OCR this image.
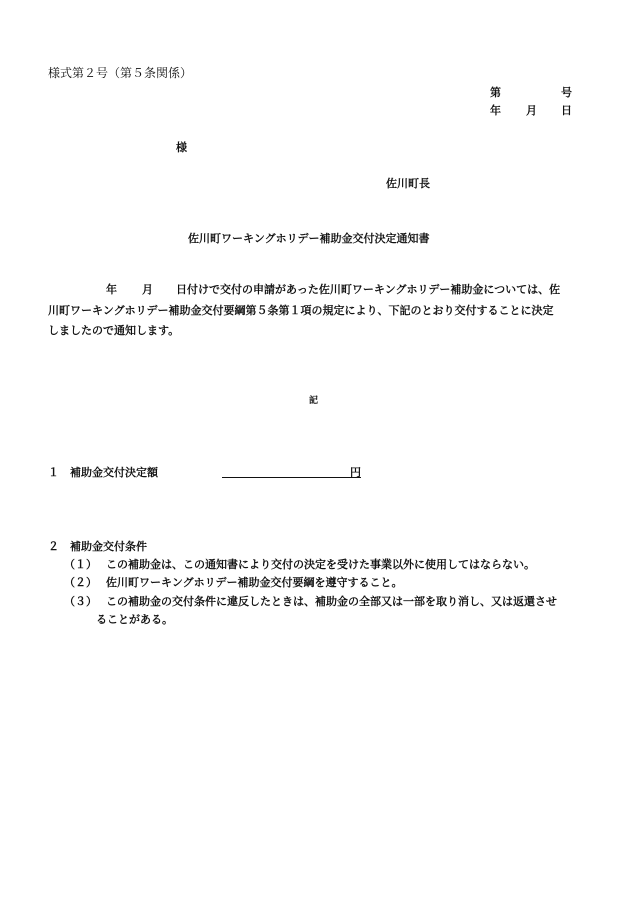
様式第２号（第５条関係）
第	号
年 月 日
様
佐川町長
佐川町ワーキングホリデー補助金交付決定通知書
年 月 日付けで交付の申請があった佐川町ワーキングホリデー補助金については、佐
川町ワーキングホリデー補助金交付要綱第５条第１項の規定により、下記のとおり交付することに決定
しましたので通知します。
記
１ 補助金交付決定額	円
２ 補助金交付条件
（１） この補助金は、この通知書により交付の決定を受けた事業以外に使用してはならない。
（２） 佐川町ワーキングホリデー補助金交付要綱を遵守すること。
（３） この補助金の交付条件に違反したときは、補助金の全部又は一部を取り消し、又は返還させ
ることがある。
